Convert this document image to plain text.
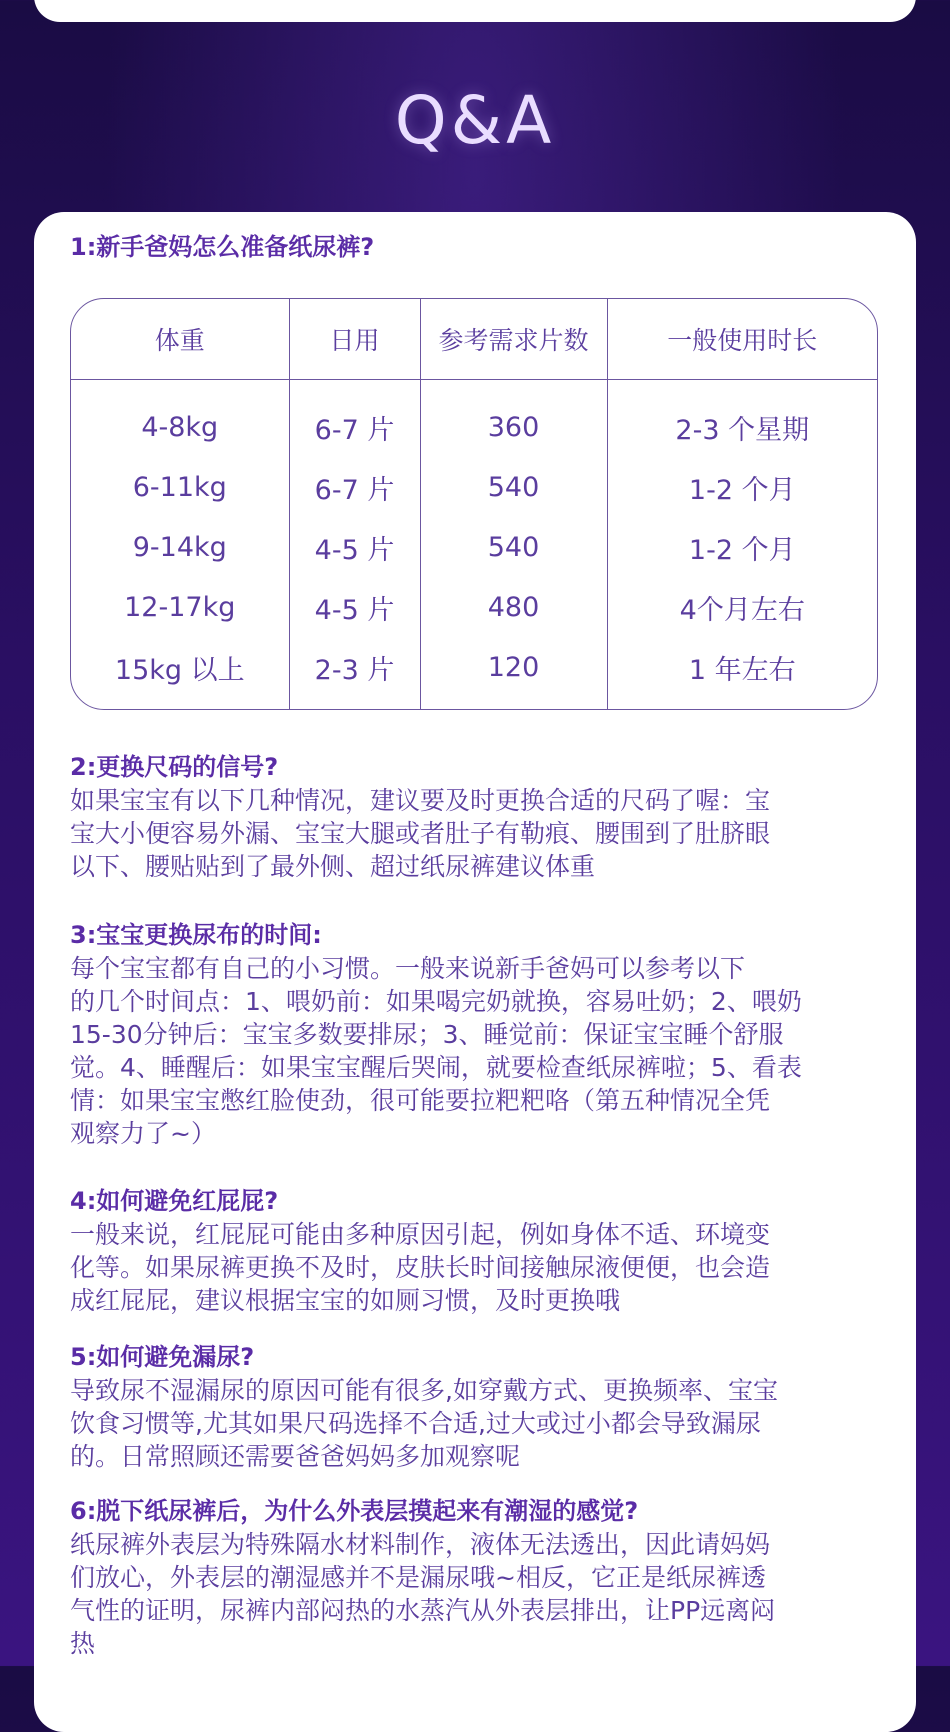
Q&A

1:新手爸妈怎么准备纸尿裤?

体重	日用	参考需求片数	一般使用时长
4-8kg	6-7 片	360	2-3 个星期
6-11kg	6-7 片	540	1-2 个月
9-14kg	4-5 片	540	1-2 个月
12-17kg	4-5 片	480	4个月左右
15kg 以上	2-3 片	120	1 年左右

2:更换尺码的信号?

如果宝宝有以下几种情况，建议要及时更换合适的尺码了喔：宝

宝大小便容易外漏、宝宝大腿或者肚子有勒痕、腰围到了肚脐眼

以下、腰贴贴到了最外侧、超过纸尿裤建议体重

3:宝宝更换尿布的时间:

每个宝宝都有自己的小习惯。一般来说新手爸妈可以参考以下

的几个时间点：1、喂奶前：如果喝完奶就换，容易吐奶；2、喂奶

15-30分钟后：宝宝多数要排尿；3、睡觉前：保证宝宝睡个舒服

觉。4、睡醒后：如果宝宝醒后哭闹，就要检查纸尿裤啦；5、看表

情：如果宝宝憋红脸使劲，很可能要拉粑粑咯（第五种情况全凭

观察力了~）

4:如何避免红屁屁?

一般来说，红屁屁可能由多种原因引起，例如身体不适、环境变

化等。如果尿裤更换不及时，皮肤长时间接触尿液便便，也会造

成红屁屁，建议根据宝宝的如厕习惯，及时更换哦

5:如何避免漏尿?

导致尿不湿漏尿的原因可能有很多,如穿戴方式、更换频率、宝宝

饮食习惯等,尤其如果尺码选择不合适,过大或过小都会导致漏尿

的。日常照顾还需要爸爸妈妈多加观察呢

6:脱下纸尿裤后，为什么外表层摸起来有潮湿的感觉?

纸尿裤外表层为特殊隔水材料制作，液体无法透出，因此请妈妈

们放心，外表层的潮湿感并不是漏尿哦~相反，它正是纸尿裤透

气性的证明，尿裤内部闷热的水蒸汽从外表层排出，让PP远离闷

热
